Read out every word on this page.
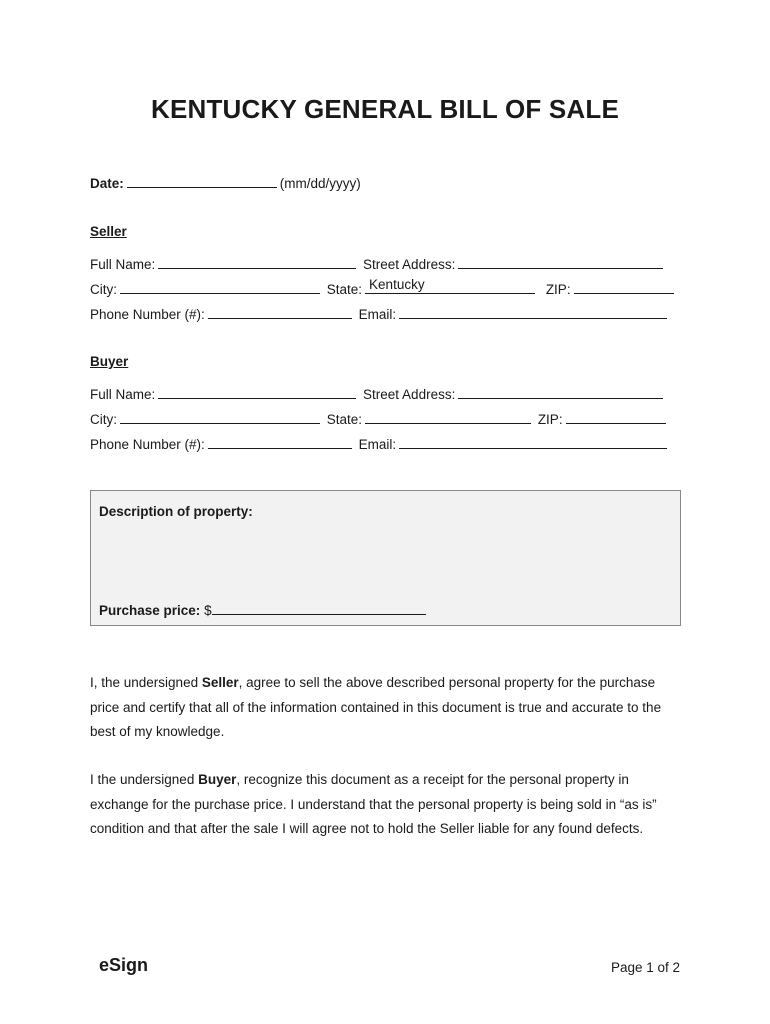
KENTUCKY GENERAL BILL OF SALE
Date:	(mm/dd/yyyy)
Seller
Full Name:	Street Address:
City:	State: Kentucky	ZIP:
Phone Number (#):	Email:
Buyer
Full Name:	Street Address:
City:	State:	ZIP:
Phone Number (#):	Email:
Description of property:
Purchase price: $
I, the undersigned Seller, agree to sell the above described personal property for the purchase
price and certify that all of the information contained in this document is true and accurate to the
best of my knowledge.
I the undersigned Buyer, recognize this document as a receipt for the personal property in
exchange for the purchase price. I understand that the personal property is being sold in “as is”
condition and that after the sale I will agree not to hold the Seller liable for any found defects.
eSign	Page 1 of 2
